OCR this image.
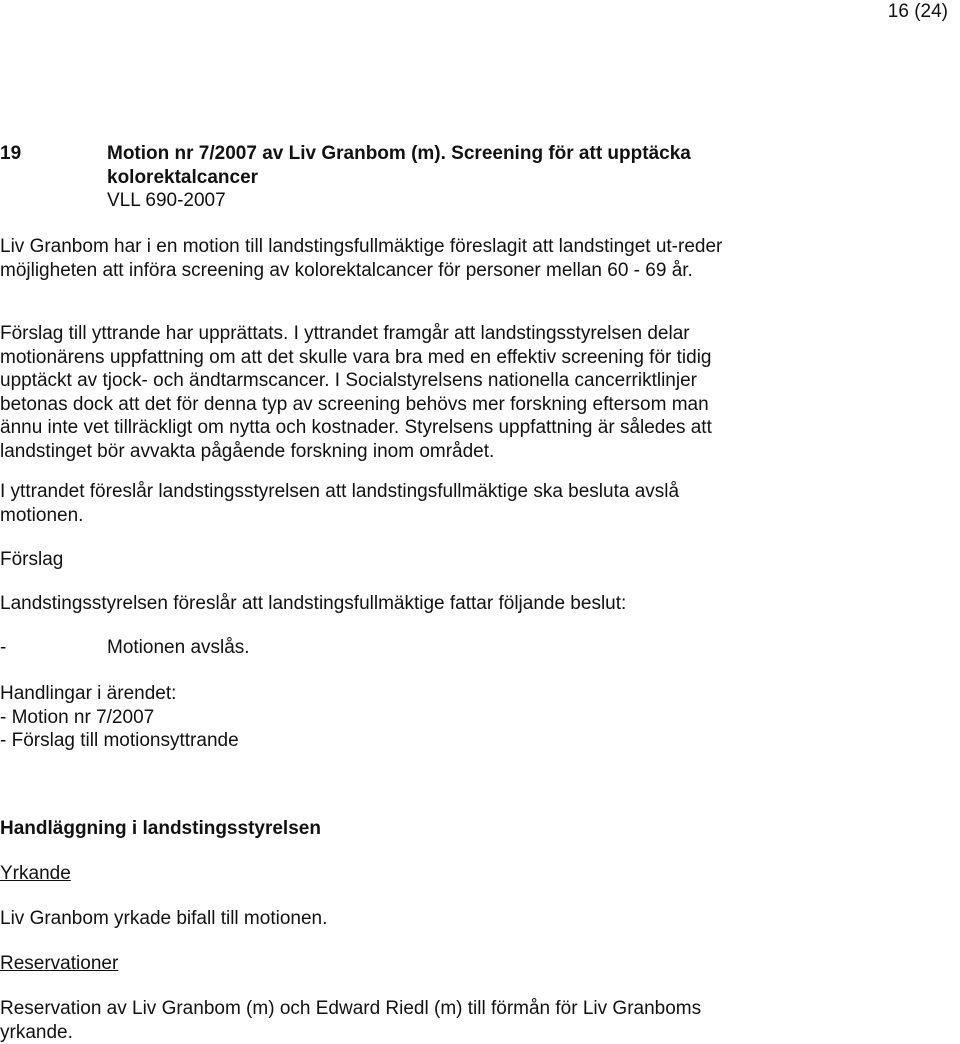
16 (24)
19	Motion nr 7/2007 av Liv Granbom (m). Screening för att upptäcka
kolorektalcancer
VLL 690-2007
Liv Granbom har i en motion till landstingsfullmäktige föreslagit att landstinget ut-reder möjligheten att införa screening av kolorektalcancer för personer mellan 60 - 69 år.
Förslag till yttrande har upprättats. I yttrandet framgår att landstingsstyrelsen delar motionärens uppfattning om att det skulle vara bra med en effektiv screening för tidig upptäckt av tjock- och ändtarmscancer. I Socialstyrelsens nationella cancerriktlinjer betonas dock att det för denna typ av screening behövs mer forskning eftersom man ännu inte vet tillräckligt om nytta och kostnader. Styrelsens uppfattning är således att landstinget bör avvakta pågående forskning inom området.
I yttrandet föreslår landstingsstyrelsen att landstingsfullmäktige ska besluta avslå motionen.
Förslag
Landstingsstyrelsen föreslår att landstingsfullmäktige fattar följande beslut:
-	Motionen avslås.
Handlingar i ärendet:
- Motion nr 7/2007
- Förslag till motionsyttrande
Handläggning i landstingsstyrelsen
Yrkande
Liv Granbom yrkade bifall till motionen.
Reservationer
Reservation av Liv Granbom (m) och Edward Riedl (m) till förmån för Liv Granboms yrkande.
